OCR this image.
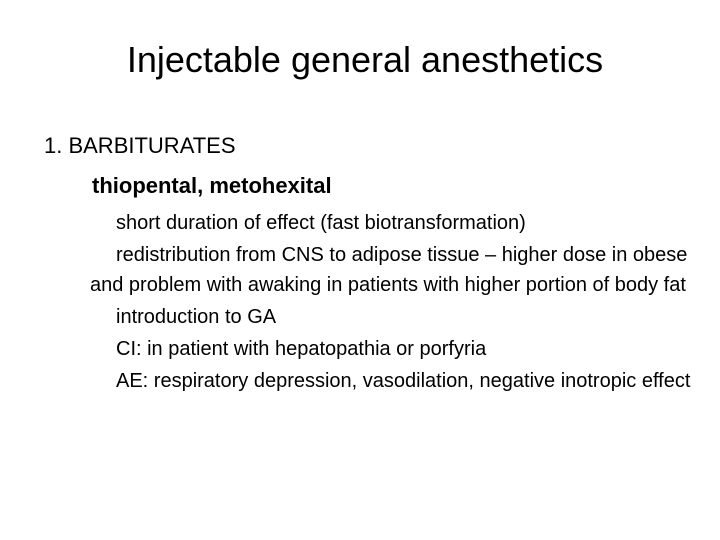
Injectable general anesthetics

1. BARBITURATES

thiopental, metohexital

short duration of effect (fast biotransformation)
redistribution from CNS to adipose tissue – higher dose in obese and problem with awaking in patients with higher portion of body fat
introduction to GA
CI: in patient with hepatopathia or porfyria
AE: respiratory depression, vasodilation, negative inotropic effect
